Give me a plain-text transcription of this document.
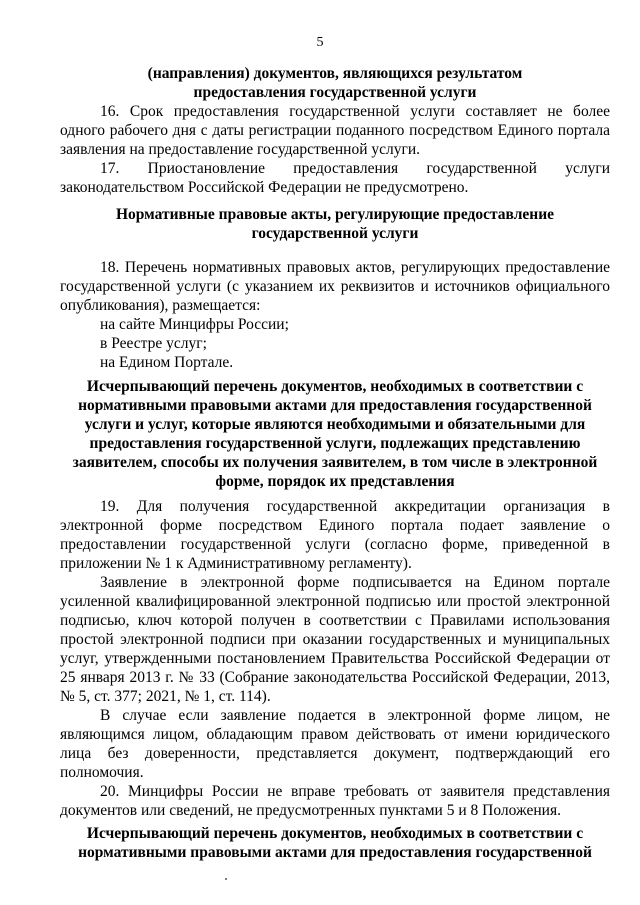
5

(направления) документов, являющихся результатом предоставления государственной услуги

16. Срок предоставления государственной услуги составляет не более одного рабочего дня с даты регистрации поданного посредством Единого портала заявления на предоставление государственной услуги.

17. Приостановление предоставления государственной услуги законодательством Российской Федерации не предусмотрено.

Нормативные правовые акты, регулирующие предоставление государственной услуги

18. Перечень нормативных правовых актов, регулирующих предоставление государственной услуги (с указанием их реквизитов и источников официального опубликования), размещается:

на сайте Минцифры России;

в Реестре услуг;

на Едином Портале.

Исчерпывающий перечень документов, необходимых в соответствии с нормативными правовыми актами для предоставления государственной услуги и услуг, которые являются необходимыми и обязательными для предоставления государственной услуги, подлежащих представлению заявителем, способы их получения заявителем, в том числе в электронной форме, порядок их представления

19. Для получения государственной аккредитации организация в электронной форме посредством Единого портала подает заявление о предоставлении государственной услуги (согласно форме, приведенной в приложении № 1 к Административному регламенту).

Заявление в электронной форме подписывается на Едином портале усиленной квалифицированной электронной подписью или простой электронной подписью, ключ которой получен в соответствии с Правилами использования простой электронной подписи при оказании государственных и муниципальных услуг, утвержденными постановлением Правительства Российской Федерации от 25 января 2013 г. № 33 (Собрание законодательства Российской Федерации, 2013, № 5, ст. 377; 2021, № 1, ст. 114).

В случае если заявление подается в электронной форме лицом, не являющимся лицом, обладающим правом действовать от имени юридического лица без доверенности, представляется документ, подтверждающий его полномочия.

20. Минцифры России не вправе требовать от заявителя представления документов или сведений, не предусмотренных пунктами 5 и 8 Положения.

Исчерпывающий перечень документов, необходимых в соответствии с нормативными правовыми актами для предоставления государственной
